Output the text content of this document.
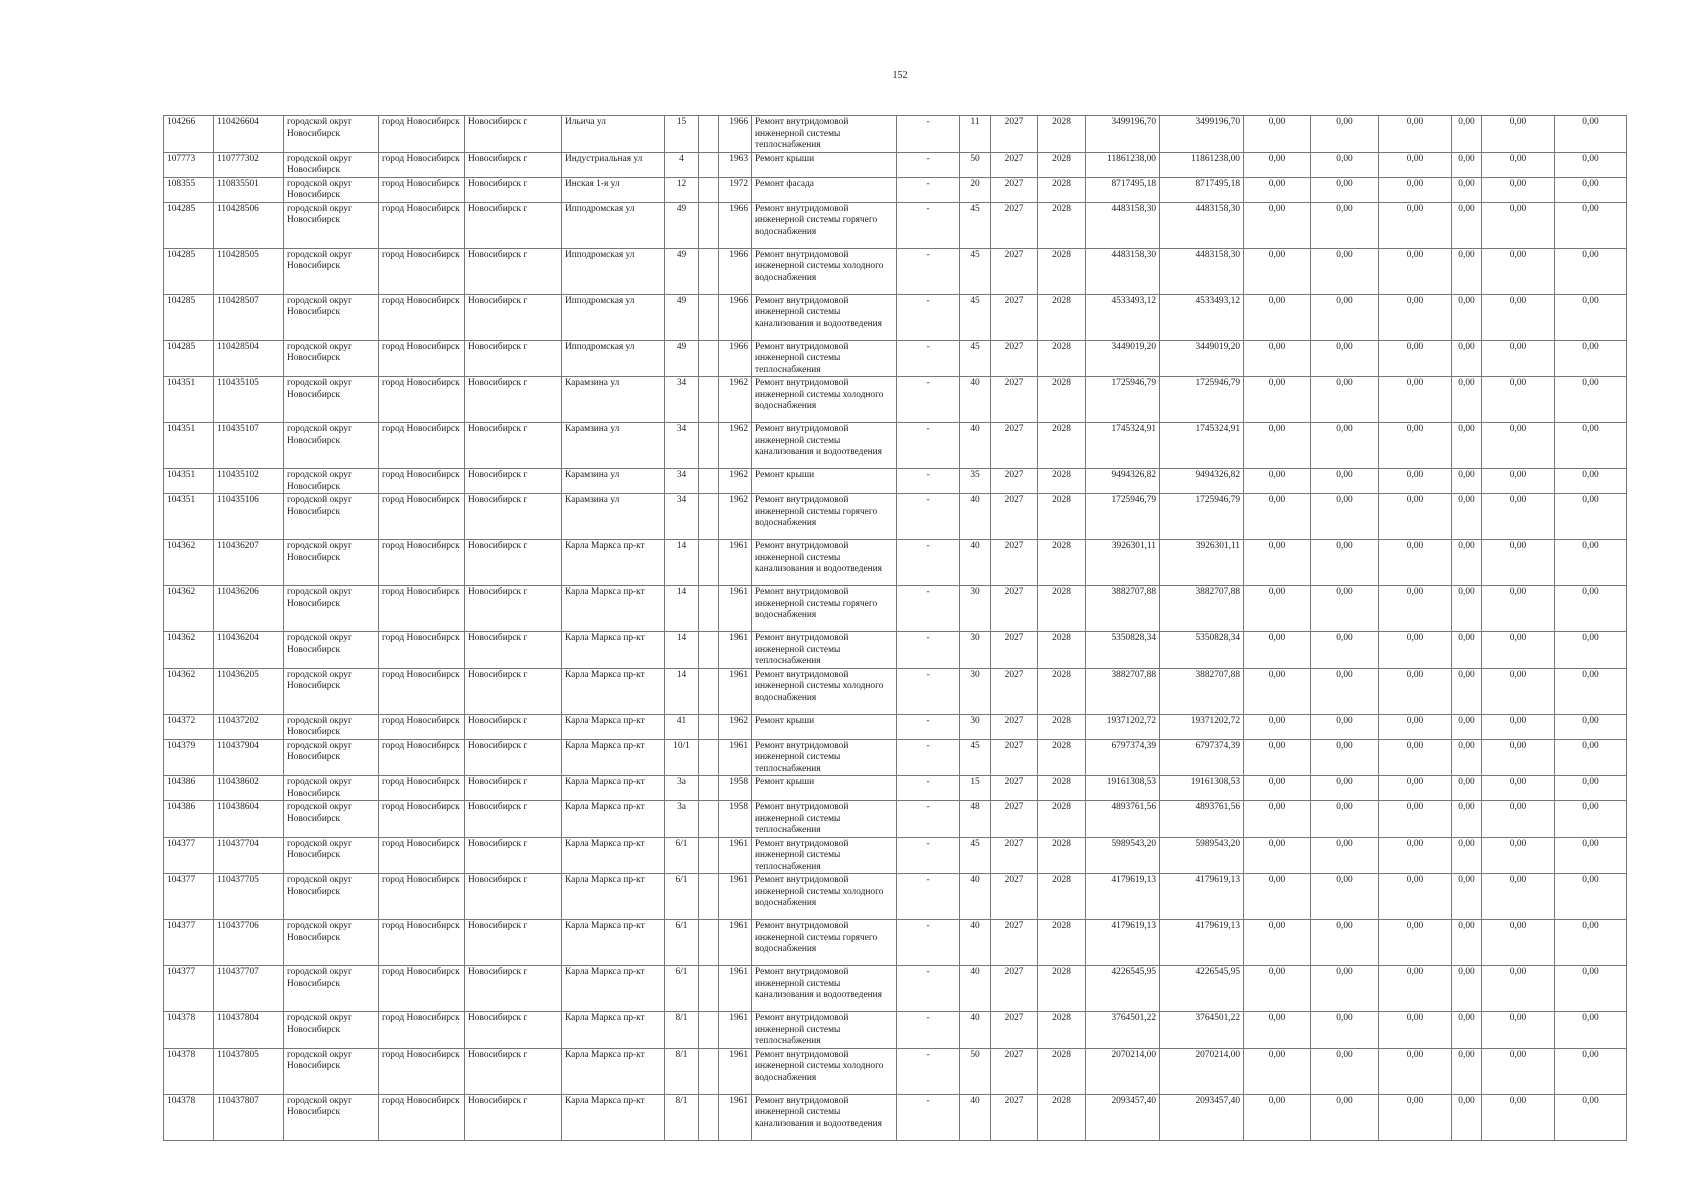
152
104266	110426604	городской округ Новосибирск	город Новосибирск	Новосибирск г	Ильича ул	15		1966	Ремонт внутридомовой инженерной системы теплоснабжения	-	11	2027	2028	3499196,70	3499196,70	0,00	0,00	0,00	0,00	0,00	0,00
107773	110777302	городской округ Новосибирск	город Новосибирск	Новосибирск г	Индустриальная ул	4		1963	Ремонт крыши	-	50	2027	2028	11861238,00	11861238,00	0,00	0,00	0,00	0,00	0,00	0,00
108355	110835501	городской округ Новосибирск	город Новосибирск	Новосибирск г	Инская 1-я ул	12		1972	Ремонт фасада	-	20	2027	2028	8717495,18	8717495,18	0,00	0,00	0,00	0,00	0,00	0,00
104285	110428506	городской округ Новосибирск	город Новосибирск	Новосибирск г	Ипподромская ул	49		1966	Ремонт внутридомовой инженерной системы горячего водоснабжения	-	45	2027	2028	4483158,30	4483158,30	0,00	0,00	0,00	0,00	0,00	0,00
104285	110428505	городской округ Новосибирск	город Новосибирск	Новосибирск г	Ипподромская ул	49		1966	Ремонт внутридомовой инженерной системы холодного водоснабжения	-	45	2027	2028	4483158,30	4483158,30	0,00	0,00	0,00	0,00	0,00	0,00
104285	110428507	городской округ Новосибирск	город Новосибирск	Новосибирск г	Ипподромская ул	49		1966	Ремонт внутридомовой инженерной системы канализования и водоотведения	-	45	2027	2028	4533493,12	4533493,12	0,00	0,00	0,00	0,00	0,00	0,00
104285	110428504	городской округ Новосибирск	город Новосибирск	Новосибирск г	Ипподромская ул	49		1966	Ремонт внутридомовой инженерной системы теплоснабжения	-	45	2027	2028	3449019,20	3449019,20	0,00	0,00	0,00	0,00	0,00	0,00
104351	110435105	городской округ Новосибирск	город Новосибирск	Новосибирск г	Карамзина ул	34		1962	Ремонт внутридомовой инженерной системы холодного водоснабжения	-	40	2027	2028	1725946,79	1725946,79	0,00	0,00	0,00	0,00	0,00	0,00
104351	110435107	городской округ Новосибирск	город Новосибирск	Новосибирск г	Карамзина ул	34		1962	Ремонт внутридомовой инженерной системы канализования и водоотведения	-	40	2027	2028	1745324,91	1745324,91	0,00	0,00	0,00	0,00	0,00	0,00
104351	110435102	городской округ Новосибирск	город Новосибирск	Новосибирск г	Карамзина ул	34		1962	Ремонт крыши	-	35	2027	2028	9494326,82	9494326,82	0,00	0,00	0,00	0,00	0,00	0,00
104351	110435106	городской округ Новосибирск	город Новосибирск	Новосибирск г	Карамзина ул	34		1962	Ремонт внутридомовой инженерной системы горячего водоснабжения	-	40	2027	2028	1725946,79	1725946,79	0,00	0,00	0,00	0,00	0,00	0,00
104362	110436207	городской округ Новосибирск	город Новосибирск	Новосибирск г	Карла Маркса пр-кт	14		1961	Ремонт внутридомовой инженерной системы канализования и водоотведения	-	40	2027	2028	3926301,11	3926301,11	0,00	0,00	0,00	0,00	0,00	0,00
104362	110436206	городской округ Новосибирск	город Новосибирск	Новосибирск г	Карла Маркса пр-кт	14		1961	Ремонт внутридомовой инженерной системы горячего водоснабжения	-	30	2027	2028	3882707,88	3882707,88	0,00	0,00	0,00	0,00	0,00	0,00
104362	110436204	городской округ Новосибирск	город Новосибирск	Новосибирск г	Карла Маркса пр-кт	14		1961	Ремонт внутридомовой инженерной системы теплоснабжения	-	30	2027	2028	5350828,34	5350828,34	0,00	0,00	0,00	0,00	0,00	0,00
104362	110436205	городской округ Новосибирск	город Новосибирск	Новосибирск г	Карла Маркса пр-кт	14		1961	Ремонт внутридомовой инженерной системы холодного водоснабжения	-	30	2027	2028	3882707,88	3882707,88	0,00	0,00	0,00	0,00	0,00	0,00
104372	110437202	городской округ Новосибирск	город Новосибирск	Новосибирск г	Карла Маркса пр-кт	41		1962	Ремонт крыши	-	30	2027	2028	19371202,72	19371202,72	0,00	0,00	0,00	0,00	0,00	0,00
104379	110437904	городской округ Новосибирск	город Новосибирск	Новосибирск г	Карла Маркса пр-кт	10/1		1961	Ремонт внутридомовой инженерной системы теплоснабжения	-	45	2027	2028	6797374,39	6797374,39	0,00	0,00	0,00	0,00	0,00	0,00
104386	110438602	городской округ Новосибирск	город Новосибирск	Новосибирск г	Карла Маркса пр-кт	3а		1958	Ремонт крыши	-	15	2027	2028	19161308,53	19161308,53	0,00	0,00	0,00	0,00	0,00	0,00
104386	110438604	городской округ Новосибирск	город Новосибирск	Новосибирск г	Карла Маркса пр-кт	3а		1958	Ремонт внутридомовой инженерной системы теплоснабжения	-	48	2027	2028	4893761,56	4893761,56	0,00	0,00	0,00	0,00	0,00	0,00
104377	110437704	городской округ Новосибирск	город Новосибирск	Новосибирск г	Карла Маркса пр-кт	6/1		1961	Ремонт внутридомовой инженерной системы теплоснабжения	-	45	2027	2028	5989543,20	5989543,20	0,00	0,00	0,00	0,00	0,00	0,00
104377	110437705	городской округ Новосибирск	город Новосибирск	Новосибирск г	Карла Маркса пр-кт	6/1		1961	Ремонт внутридомовой инженерной системы холодного водоснабжения	-	40	2027	2028	4179619,13	4179619,13	0,00	0,00	0,00	0,00	0,00	0,00
104377	110437706	городской округ Новосибирск	город Новосибирск	Новосибирск г	Карла Маркса пр-кт	6/1		1961	Ремонт внутридомовой инженерной системы горячего водоснабжения	-	40	2027	2028	4179619,13	4179619,13	0,00	0,00	0,00	0,00	0,00	0,00
104377	110437707	городской округ Новосибирск	город Новосибирск	Новосибирск г	Карла Маркса пр-кт	6/1		1961	Ремонт внутридомовой инженерной системы канализования и водоотведения	-	40	2027	2028	4226545,95	4226545,95	0,00	0,00	0,00	0,00	0,00	0,00
104378	110437804	городской округ Новосибирск	город Новосибирск	Новосибирск г	Карла Маркса пр-кт	8/1		1961	Ремонт внутридомовой инженерной системы теплоснабжения	-	40	2027	2028	3764501,22	3764501,22	0,00	0,00	0,00	0,00	0,00	0,00
104378	110437805	городской округ Новосибирск	город Новосибирск	Новосибирск г	Карла Маркса пр-кт	8/1		1961	Ремонт внутридомовой инженерной системы холодного водоснабжения	-	50	2027	2028	2070214,00	2070214,00	0,00	0,00	0,00	0,00	0,00	0,00
104378	110437807	городской округ Новосибирск	город Новосибирск	Новосибирск г	Карла Маркса пр-кт	8/1		1961	Ремонт внутридомовой инженерной системы канализования и водоотведения	-	40	2027	2028	2093457,40	2093457,40	0,00	0,00	0,00	0,00	0,00	0,00
